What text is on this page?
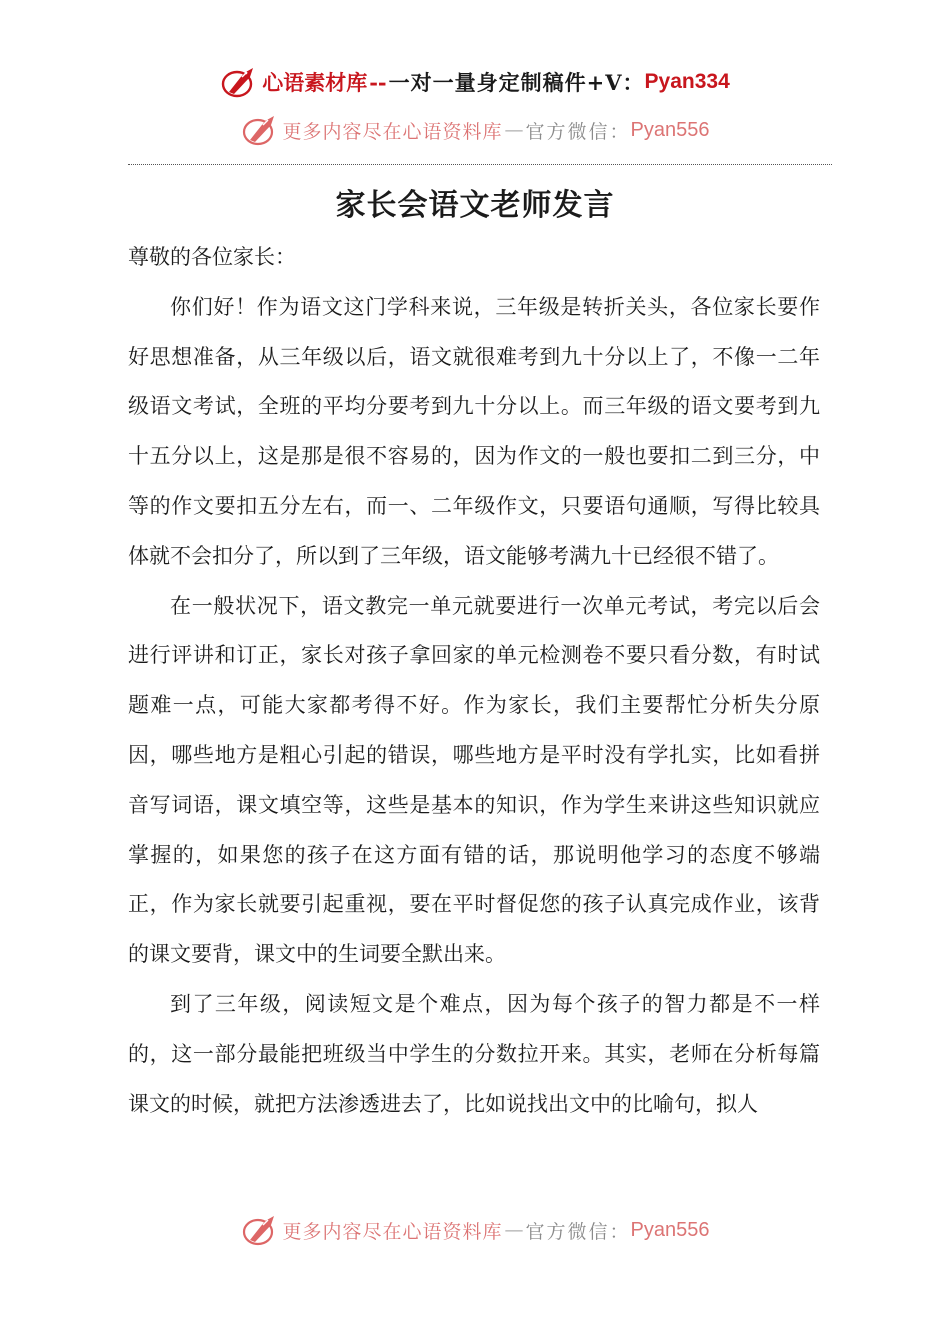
心语素材库 -- 一对一量身定制稿件+V： Pyan334
更多内容尽在心语资料库 — 官方微信： Pyan556
家长会语文老师发言

尊敬的各位家长：

你们好！作为语文这门学科来说，三年级是转折关头，各位家长要作好思想准备，从三年级以后，语文就很难考到九十分以上了，不像一二年级语文考试，全班的平均分要考到九十分以上。而三年级的语文要考到九十五分以上，这是那是很不容易的，因为作文的一般也要扣二到三分，中等的作文要扣五分左右，而一、二年级作文，只要语句通顺，写得比较具体就不会扣分了，所以到了三年级，语文能够考满九十已经很不错了。

在一般状况下，语文教完一单元就要进行一次单元考试，考完以后会进行评讲和订正，家长对孩子拿回家的单元检测卷不要只看分数，有时试题难一点，可能大家都考得不好。作为家长，我们主要帮忙分析失分原因，哪些地方是粗心引起的错误，哪些地方是平时没有学扎实，比如看拼音写词语，课文填空等，这些是基本的知识，作为学生来讲这些知识就应掌握的，如果您的孩子在这方面有错的话，那说明他学习的态度不够端正，作为家长就要引起重视，要在平时督促您的孩子认真完成作业，该背的课文要背，课文中的生词要全默出来。

到了三年级，阅读短文是个难点，因为每个孩子的智力都是不一样的，这一部分最能把班级当中学生的分数拉开来。其实，老师在分析每篇课文的时候，就把方法渗透进去了，比如说找出文中的比喻句，拟人

更多内容尽在心语资料库 — 官方微信： Pyan556
